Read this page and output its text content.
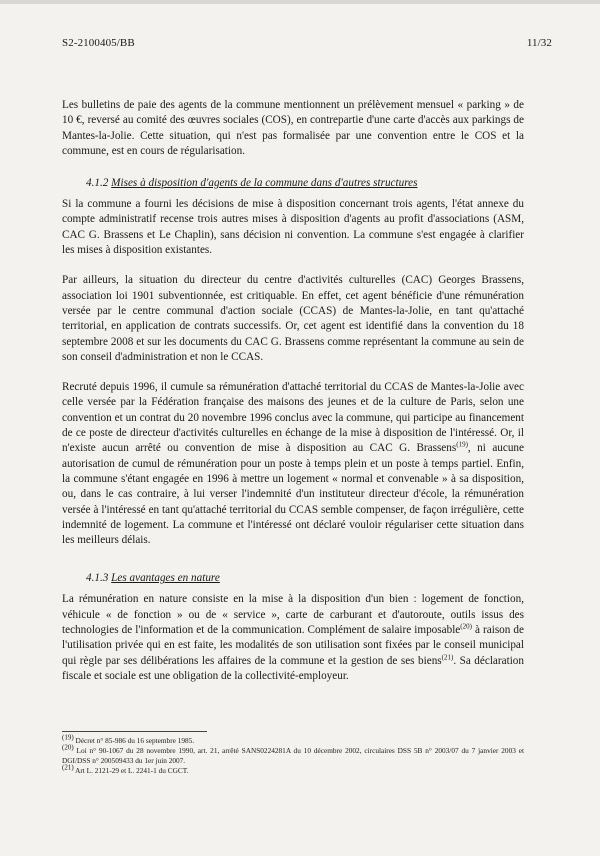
S2-2100405/BB	11/32

Les bulletins de paie des agents de la commune mentionnent un prélèvement mensuel « parking » de 10 €, reversé au comité des œuvres sociales (COS), en contrepartie d'une carte d'accès aux parkings de Mantes-la-Jolie. Cette situation, qui n'est pas formalisée par une convention entre le COS et la commune, est en cours de régularisation.

4.1.2 Mises à disposition d'agents de la commune dans d'autres structures

Si la commune a fourni les décisions de mise à disposition concernant trois agents, l'état annexe du compte administratif recense trois autres mises à disposition d'agents au profit d'associations (ASM, CAC G. Brassens et Le Chaplin), sans décision ni convention. La commune s'est engagée à clarifier les mises à disposition existantes.

Par ailleurs, la situation du directeur du centre d'activités culturelles (CAC) Georges Brassens, association loi 1901 subventionnée, est critiquable. En effet, cet agent bénéficie d'une rémunération versée par le centre communal d'action sociale (CCAS) de Mantes-la-Jolie, en tant qu'attaché territorial, en application de contrats successifs. Or, cet agent est identifié dans la convention du 18 septembre 2008 et sur les documents du CAC G. Brassens comme représentant la commune au sein de son conseil d'administration et non le CCAS.

Recruté depuis 1996, il cumule sa rémunération d'attaché territorial du CCAS de Mantes-la-Jolie avec celle versée par la Fédération française des maisons des jeunes et de la culture de Paris, selon une convention et un contrat du 20 novembre 1996 conclus avec la commune, qui participe au financement de ce poste de directeur d'activités culturelles en échange de la mise à disposition de l'intéressé. Or, il n'existe aucun arrêté ou convention de mise à disposition au CAC G. Brassens$^{(19)}$, ni aucune autorisation de cumul de rémunération pour un poste à temps plein et un poste à temps partiel. Enfin, la commune s'étant engagée en 1996 à mettre un logement « normal et convenable » à sa disposition, ou, dans le cas contraire, à lui verser l'indemnité d'un instituteur directeur d'école, la rémunération versée à l'intéressé en tant qu'attaché territorial du CCAS semble compenser, de façon irrégulière, cette indemnité de logement. La commune et l'intéressé ont déclaré vouloir régulariser cette situation dans les meilleurs délais.

4.1.3 Les avantages en nature

La rémunération en nature consiste en la mise à la disposition d'un bien : logement de fonction, véhicule « de fonction » ou de « service », carte de carburant et d'autoroute, outils issus des technologies de l'information et de la communication. Complément de salaire imposable$^{(20)}$ à raison de l'utilisation privée qui en est faite, les modalités de son utilisation sont fixées par le conseil municipal qui règle par ses délibérations les affaires de la commune et la gestion de ses biens$^{(21)}$. Sa déclaration fiscale et sociale est une obligation de la collectivité-employeur.

$^{(19)}$ Décret n° 85-986 du 16 septembre 1985.

$^{(20)}$ Loi n° 90-1067 du 28 novembre 1990, art. 21, arrêté SANS0224281A du 10 décembre 2002, circulaires DSS 5B n° 2003/07 du 7 janvier 2003 et DGI/DSS n° 200509433 du 1er juin 2007.

$^{(21)}$ Art L. 2121-29 et L. 2241-1 du CGCT.
